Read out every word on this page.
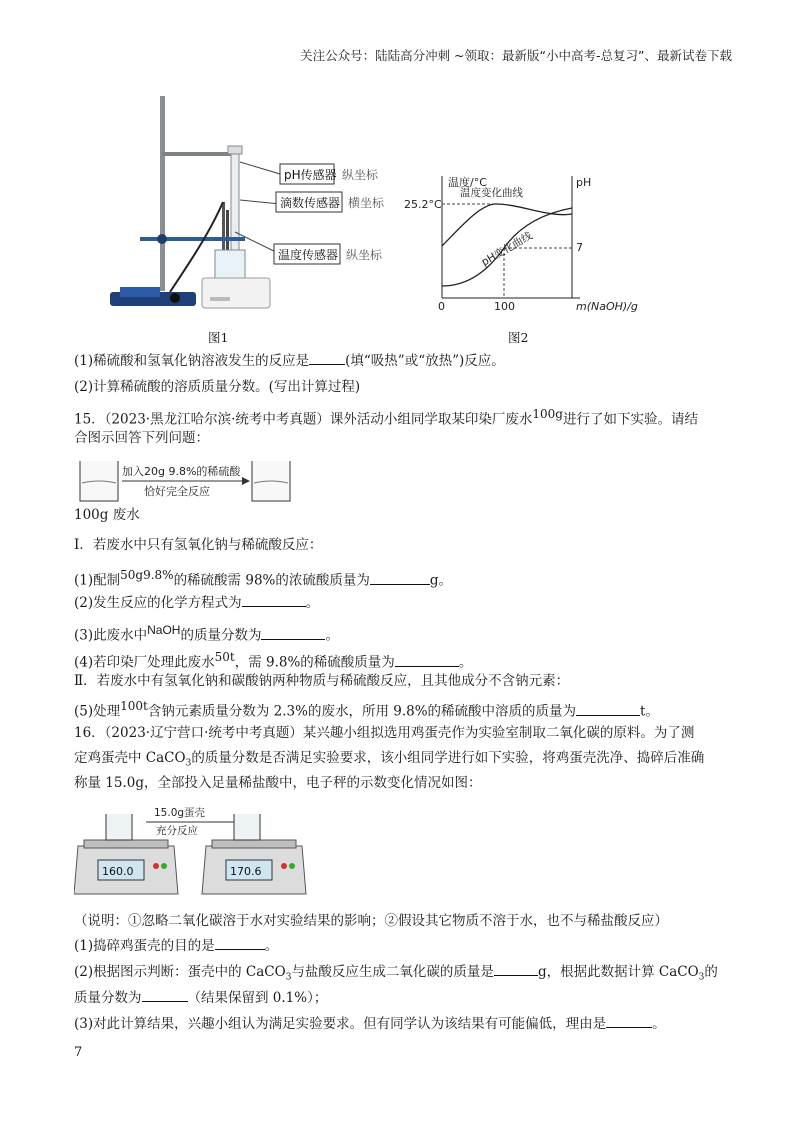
关注公众号：陆陆高分冲刺 ~领取：最新版“小中高考-总复习”、最新试卷下载
pH传感器
滴数传感器
温度传感器
纵坐标
横坐标
纵坐标
图1
温度/°C	pH
25.2°C
7
0	100	m(NaOH)/g
温度变化曲线
pH变化曲线
图2
(1)稀硫酸和氢氧化钠溶液发生的反应是	(填“吸热”或“放热”)反应。
(2)计算稀硫酸的溶质质量分数。(写出计算过程)
15．（2023·黑龙江哈尔滨·统考中考真题）课外活动小组同学取某印染厂废水$^{100g}$进行了如下实验。请结
合图示回答下列问题：
加入20g 9.8%的稀硫酸
恰好完全反应
100g 废水
Ⅰ．若废水中只有氢氧化钠与稀硫酸反应：
(1)配制$^{50g9.8\%}$的稀硫酸需 98%的浓硫酸质量为	g。
(2)发生反应的化学方程式为	。
(3)此废水中$^{NaOH}$的质量分数为	。
(4)若印染厂处理此废水$^{50t}$，需 9.8%的稀硫酸质量为	。
Ⅱ．若废水中有氢氧化钠和碳酸钠两种物质与稀硫酸反应，且其他成分不含钠元素：
(5)处理$^{100t}$含钠元素质量分数为 2.3%的废水，所用 9.8%的稀硫酸中溶质的质量为	t。
16．（2023·辽宁营口·统考中考真题）某兴趣小组拟选用鸡蛋壳作为实验室制取二氧化碳的原料。为了测
定鸡蛋壳中 CaCO$_3$的质量分数是否满足实验要求，该小组同学进行如下实验，将鸡蛋壳洗净、捣碎后准确
称量 15.0g，全部投入足量稀盐酸中，电子秤的示数变化情况如图：
160.0
15.0g蛋壳
充分反应
170.6
（说明：①忽略二氧化碳溶于水对实验结果的影响；②假设其它物质不溶于水，也不与稀盐酸反应）
(1)捣碎鸡蛋壳的目的是	。
(2)根据图示判断：蛋壳中的 CaCO$_3$与盐酸反应生成二氧化碳的质量是	g，根据此数据计算 CaCO$_3$的
质量分数为	（结果保留到 0.1%）；
(3)对此计算结果，兴趣小组认为满足实验要求。但有同学认为该结果有可能偏低，理由是	。
7
